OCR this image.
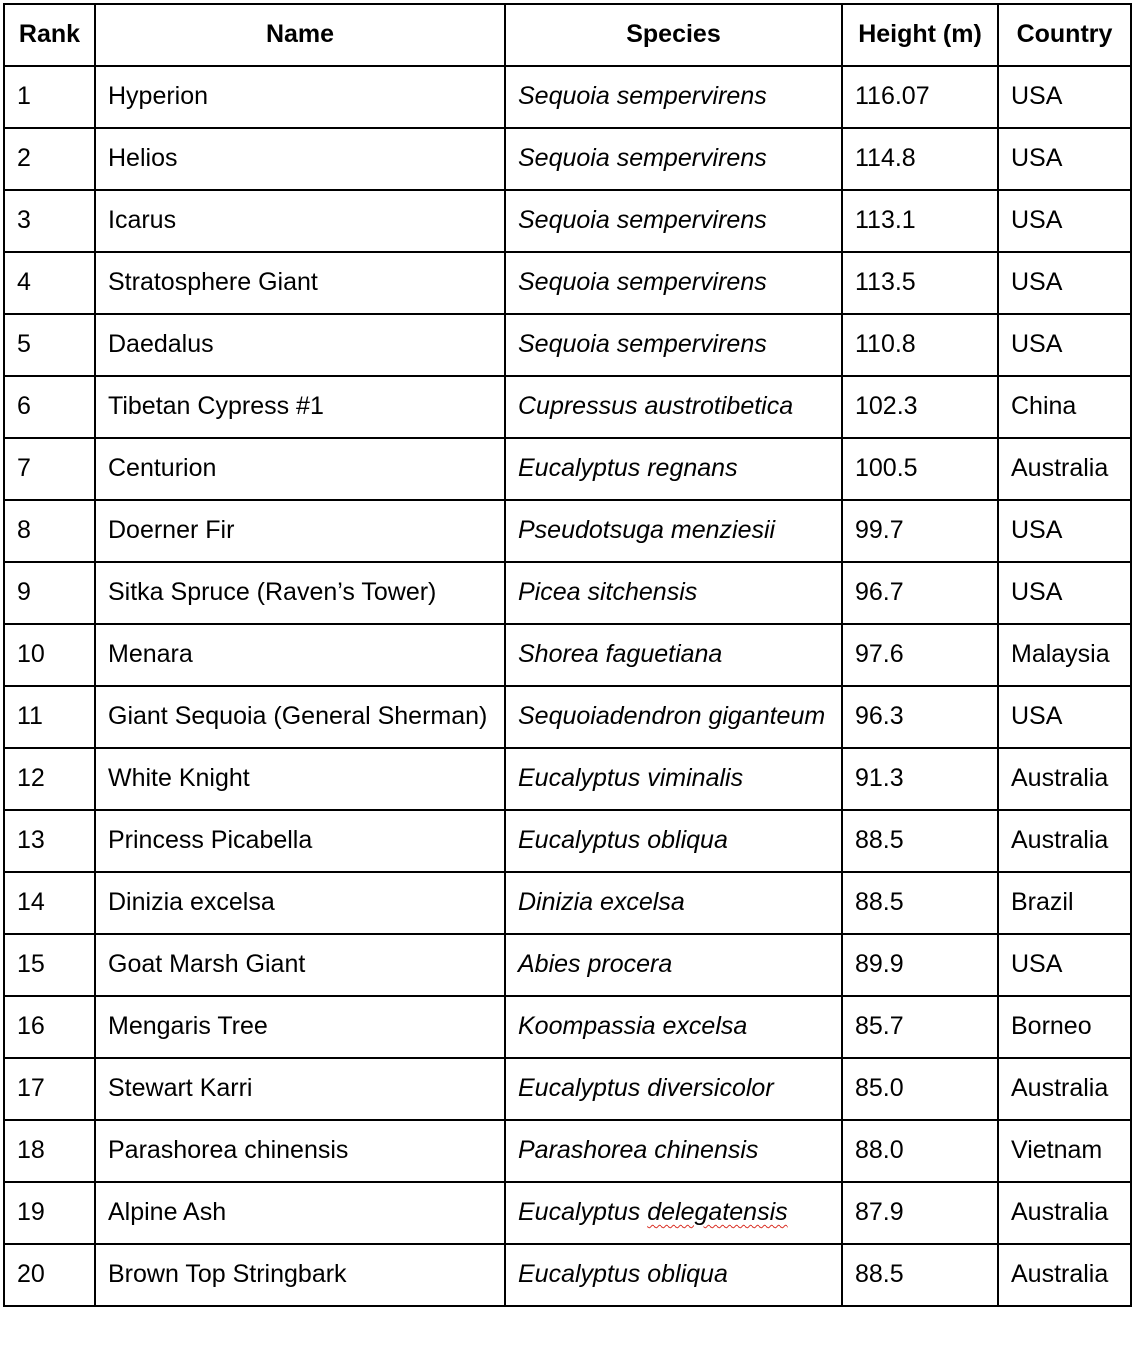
Rank	Name	Species	Height (m)	Country
1	Hyperion	Sequoia sempervirens	116.07	USA
2	Helios	Sequoia sempervirens	114.8	USA
3	Icarus	Sequoia sempervirens	113.1	USA
4	Stratosphere Giant	Sequoia sempervirens	113.5	USA
5	Daedalus	Sequoia sempervirens	110.8	USA
6	Tibetan Cypress #1	Cupressus austrotibetica	102.3	China
7	Centurion	Eucalyptus regnans	100.5	Australia
8	Doerner Fir	Pseudotsuga menziesii	99.7	USA
9	Sitka Spruce (Raven’s Tower)	Picea sitchensis	96.7	USA
10	Menara	Shorea faguetiana	97.6	Malaysia
11	Giant Sequoia (General Sherman)	Sequoiadendron giganteum	96.3	USA
12	White Knight	Eucalyptus viminalis	91.3	Australia
13	Princess Picabella	Eucalyptus obliqua	88.5	Australia
14	Dinizia excelsa	Dinizia excelsa	88.5	Brazil
15	Goat Marsh Giant	Abies procera	89.9	USA
16	Mengaris Tree	Koompassia excelsa	85.7	Borneo
17	Stewart Karri	Eucalyptus diversicolor	85.0	Australia
18	Parashorea chinensis	Parashorea chinensis	88.0	Vietnam
19	Alpine Ash	Eucalyptus delegatensis	87.9	Australia
20	Brown Top Stringbark	Eucalyptus obliqua	88.5	Australia
